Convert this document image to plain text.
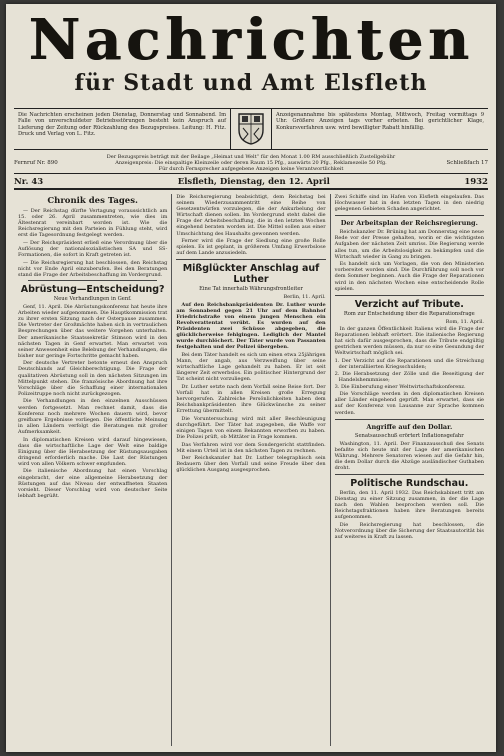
Nachrichten
für Stadt und Amt Elsfleth
Die Nachrichten erscheinen jeden Dienstag, Donnerstag und Sonnabend. Im Falle von unverschuldeter Betriebsstörungen besteht kein Anspruch auf Lieferung der Zeitung oder Rückzahlung des Bezugspreises. Leitung: H. Fitz. Druck und Verlag von L. Fitz.
Anzeigenannahme bis spätestens Montag, Mittwoch, Freitag vormittags 9 Uhr. Größere Anzeigen tags vorher erbeten. Bei gerichtlicher Klage, Konkursverfahren usw. wird bewilligter Rabatt hinfällig.
Fernruf Nr. 890
Der Bezugspreis beträgt mit der Beilage „Heimat und Welt“ für den Monat 1.00 RM ausschließlich Zustellgebühr
Anzeigenpreis: Die einspaltige Kleinzeile oder deren Raum 15 Pfg., auswärts 20 Pfg., Reklamezeile 50 Pfg.
Für durch Fernsprecher aufgegebene Anzeigen keine Verantwortlichkeit
Schließfach 17
Nr. 43	Elsfleth, Dienstag, den 12. April	1932
Chronik des Tages.

— Der Reichstag dürfte Vertagung voraussichtlich am 15. oder 26. April zusammentreten, wie dies im Ältestenrat vereinbart worden ist. Wie die Reichsregierung mit den Parteien in Fühlung steht, wird erst die Tagesordnung festgelegt werden.

— Der Reichspräsident erließ eine Verordnung über die Auflösung der nationalsozialistischen SA und SS-Formationen, die sofort in Kraft getreten ist.

— Die Reichsregierung hat beschlossen, den Reichstag nicht vor Ende April einzuberufen. Bei den Beratungen stand die Frage der Arbeitsbeschaffung im Vordergrund.

Abrüstung—Entscheidung?
Neue Verhandlungen in Genf.

Genf, 11. April. Die Abrüstungskonferenz hat heute ihre Arbeiten wieder aufgenommen. Die Hauptkommission trat zu ihrer ersten Sitzung nach der Osterpause zusammen. Die Vertreter der Großmächte haben sich in vertraulichen Besprechungen über das weitere Vorgehen unterhalten. Der amerikanische Staatssekretär Stimson wird in den nächsten Tagen in Genf erwartet. Man erwartet von seiner Anwesenheit eine Belebung der Verhandlungen, die bisher nur geringe Fortschritte gemacht haben.

Der deutsche Vertreter betonte erneut den Anspruch Deutschlands auf Gleichberechtigung. Die Frage der qualitativen Abrüstung soll in den nächsten Sitzungen im Mittelpunkt stehen. Die französische Abordnung hat ihre Vorschläge über die Schaffung einer internationalen Polizeitruppe noch nicht zurückgezogen.

Die Verhandlungen in den einzelnen Ausschüssen werden fortgesetzt. Man rechnet damit, dass die Konferenz noch mehrere Wochen dauern wird, bevor greifbare Ergebnisse vorliegen. Die öffentliche Meinung in allen Ländern verfolgt die Beratungen mit großer Aufmerksamkeit.

In diplomatischen Kreisen wird darauf hingewiesen, dass die wirtschaftliche Lage der Welt eine baldige Einigung über die Herabsetzung der Rüstungsausgaben dringend erforderlich mache. Die Last der Rüstungen wird von allen Völkern schwer empfunden.

Die italienische Abordnung hat einen Vorschlag eingebracht, der eine allgemeine Herabsetzung der Rüstungen auf das Niveau der entwaffneten Staaten vorsieht. Dieser Vorschlag wird von deutscher Seite lebhaft begrüßt.

Die Reichsregierung beabsichtigt, dem Reichstag bei seinem Wiederzusammentritt eine Reihe von Gesetzentwürfen vorzulegen, die der Ankurbelung der Wirtschaft dienen sollen. Im Vordergrund steht dabei die Frage der Arbeitsbeschaffung, die in den letzten Wochen eingehend beraten worden ist. Die Mittel sollen aus einer Umschichtung des Haushalts gewonnen werden.

Ferner wird die Frage der Siedlung eine große Rolle spielen. Es ist geplant, in größerem Umfang Erwerbslose auf dem Lande anzusiedeln.

Mißglückter Anschlag auf Luther
Eine Tat innerhalb Währungsfrontleiter
Berlin, 11. April.

Auf den Reichsbankpräsidenten Dr. Luther wurde am Sonnabend gegen 21 Uhr auf dem Bahnhof Friedrichstraße von einem jungen Menschen ein Revolverattentat verübt. Es wurden auf den Präsidenten zwei Schüsse abgegeben, die glücklicherweise fehlgingen. Lediglich der Mantel wurde durchlöchert. Der Täter wurde von Passanten festgehalten und der Polizei übergeben.

Bei dem Täter handelt es sich um einen etwa 25jährigen Mann, der angab, aus Verzweiflung über seine wirtschaftliche Lage gehandelt zu haben. Er ist seit längerer Zeit erwerbslos. Ein politischer Hintergrund der Tat scheint nicht vorzuliegen.

Dr. Luther setzte nach dem Vorfall seine Reise fort. Der Vorfall hat in allen Kreisen große Erregung hervorgerufen. Zahlreiche Persönlichkeiten haben dem Reichsbankpräsidenten ihre Glückwünsche zu seiner Errettung übermittelt.

Die Voruntersuchung wird mit aller Beschleunigung durchgeführt. Der Täter hat zugegeben, die Waffe vor einigen Tagen von einem Bekannten erworben zu haben. Die Polizei prüft, ob Mittäter in Frage kommen.

Das Verfahren wird vor dem Sondergericht stattfinden. Mit einem Urteil ist in den nächsten Tagen zu rechnen.

Der Reichskanzler hat Dr. Luther telegraphisch sein Bedauern über den Vorfall und seine Freude über den glücklichen Ausgang ausgesprochen.

Zwei Schiffe sind im Hafen von Elsfleth eingelaufen. Das Hochwasser hat in den letzten Tagen in den niedrig gelegenen Gebieten Schaden angerichtet.

Der Arbeitsplan der Reichsregierung.

Reichskanzler Dr. Brüning hat am Donnerstag eine neue Rede vor der Presse gehalten, worin er die wichtigsten Aufgaben der nächsten Zeit umriss. Die Regierung werde alles tun, um die Arbeitslosigkeit zu bekämpfen und die Wirtschaft wieder in Gang zu bringen.

Es handelt sich um Vorlagen, die von den Ministerien vorbereitet worden sind. Die Durchführung soll noch vor dem Sommer beginnen. Auch die Frage der Reparationen wird in den nächsten Wochen eine entscheidende Rolle spielen.

Verzicht auf Tribute.
Rom zur Entscheidung über die Reparationsfrage
Rom, 11. April.

In der ganzen Öffentlichkeit Italiens wird die Frage der Reparationen lebhaft erörtert. Die italienische Regierung hat sich dafür ausgesprochen, dass die Tribute endgültig gestrichen werden müssen, da nur so eine Gesundung der Weltwirtschaft möglich sei.

1. Der Verzicht auf die Reparationen und die Streichung der interalliierten Kriegsschulden;
2. Die Herabsetzung der Zölle und die Beseitigung der Handelshemmnisse;
3. Die Einberufung einer Weltwirtschaftskonferenz.

Die Vorschläge werden in den diplomatischen Kreisen aller Länder eingehend geprüft. Man erwartet, dass sie auf der Konferenz von Lausanne zur Sprache kommen werden.

Angriffe auf den Dollar.
Senatsausschuß erörtert Inflationsgefahr

Washington, 11. April. Der Finanzausschuß des Senats befaßte sich heute mit der Lage der amerikanischen Währung. Mehrere Senatoren wiesen auf die Gefahr hin, die dem Dollar durch die Abzüge ausländischer Guthaben droht.

Politische Rundschau.

Berlin, den 11. April 1932. Das Reichskabinett tritt am Dienstag zu einer Sitzung zusammen, in der die Lage nach den Wahlen besprochen werden soll. Die Reichstagsfraktionen haben ihre Beratungen bereits aufgenommen.

Die Reichsregierung hat beschlossen, die Notverordnung über die Sicherung der Staatsautorität bis auf weiteres in Kraft zu lassen.
